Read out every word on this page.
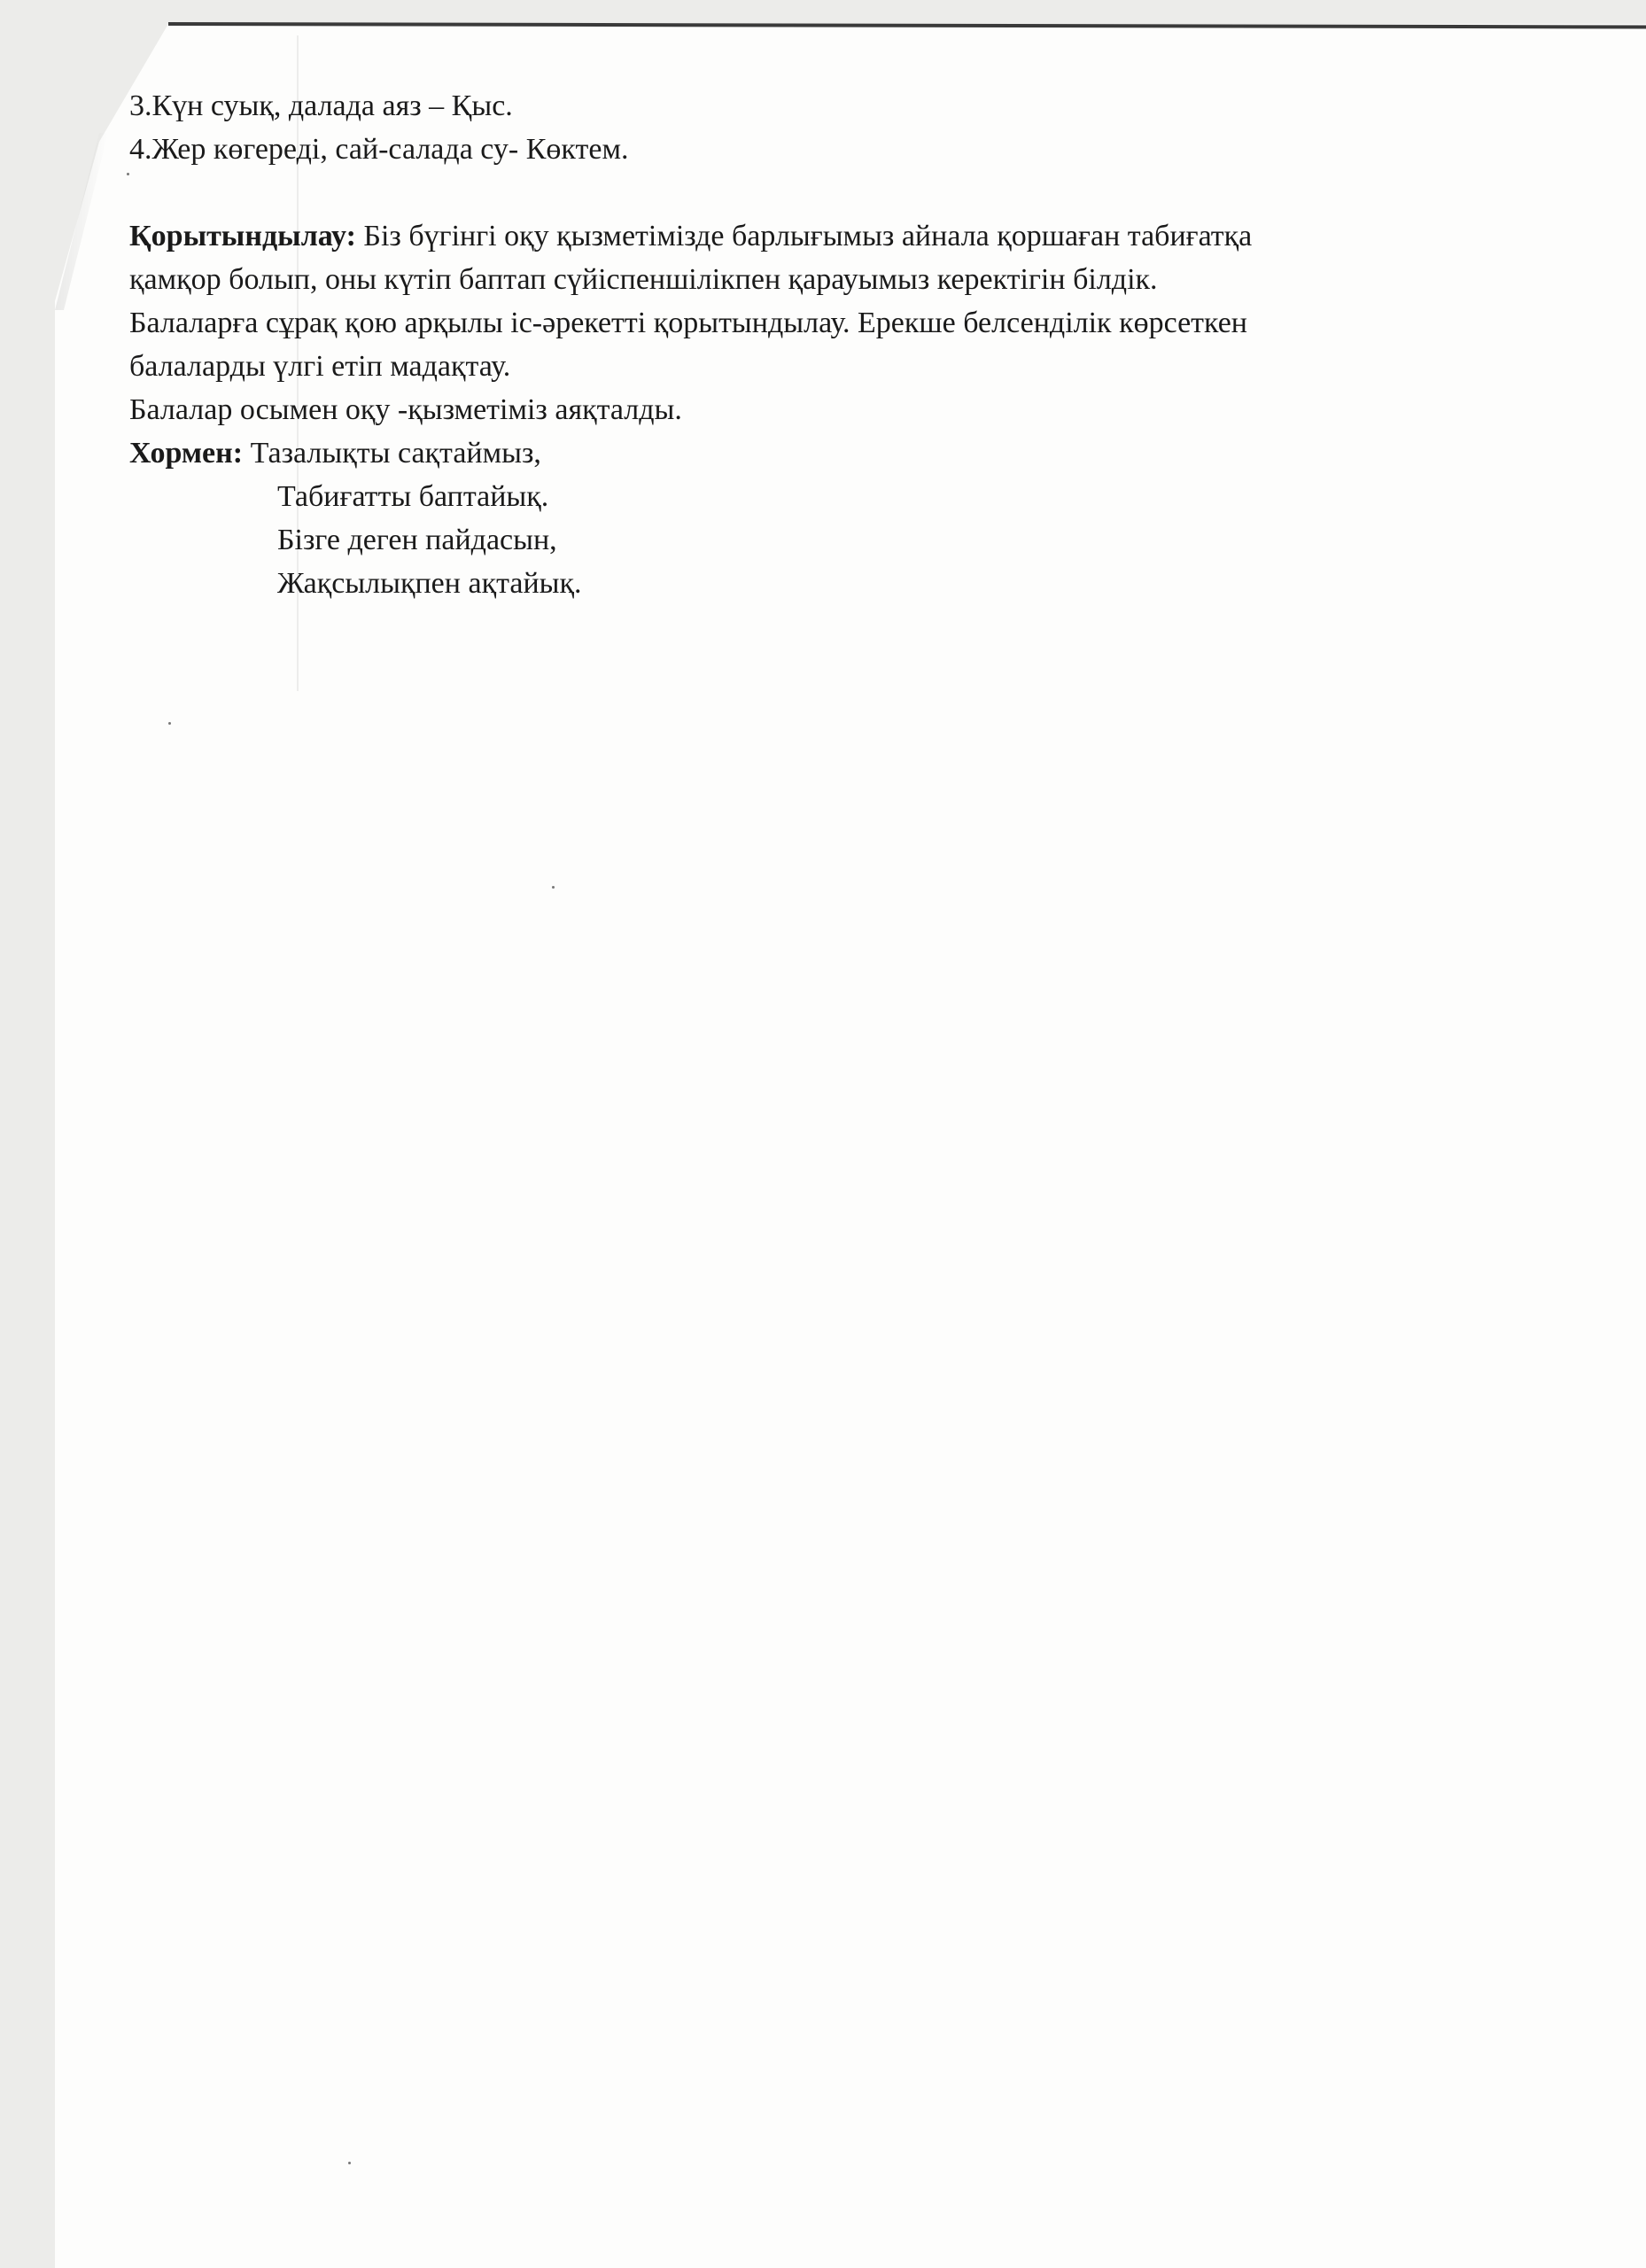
3.Күн суық, далада аяз – Қыс.
4.Жер көгереді, сай-салада су- Көктем.
Қорытындылау: Біз бүгінгі оқу қызметімізде барлығымыз айнала қоршаған табиғатқа
қамқор болып, оны күтіп баптап сүйіспеншілікпен қарауымыз керектігін білдік.
Балаларға сұрақ қою арқылы іс-әрекетті қорытындылау. Ерекше белсенділік көрсеткен
балаларды үлгі етіп мадақтау.
Балалар осымен оқу -қызметіміз аяқталды.
Хормен: Тазалықты сақтаймыз,
Табиғатты баптайық.
Бізге деген пайдасын,
Жақсылықпен ақтайық.
